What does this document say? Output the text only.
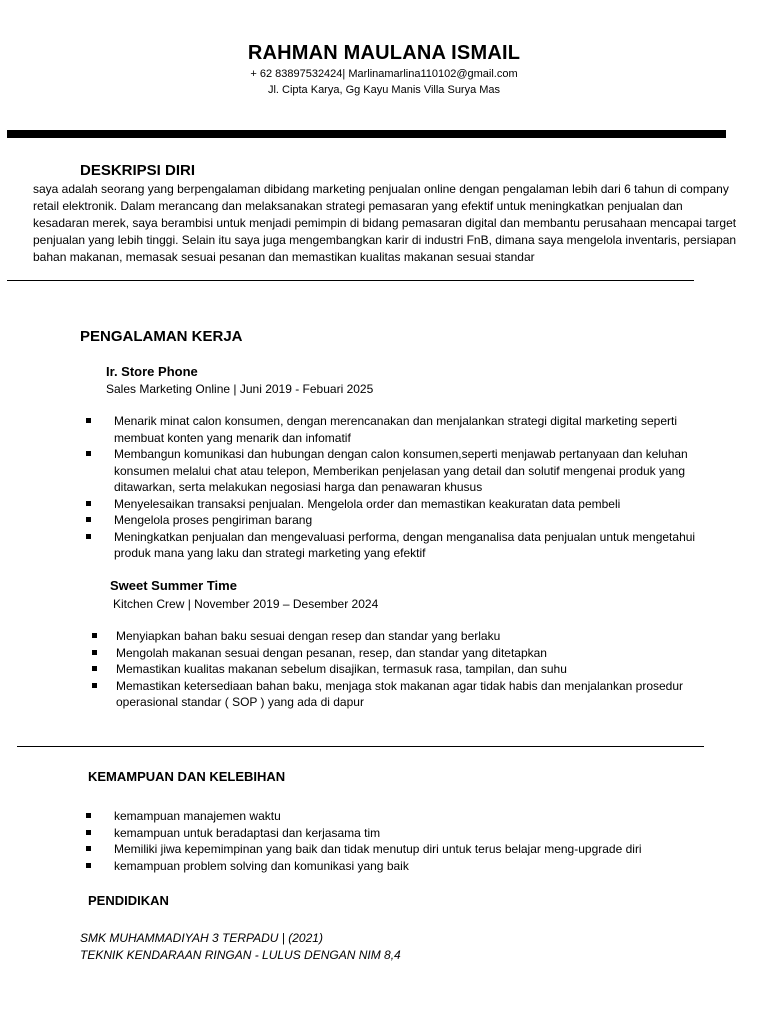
RAHMAN MAULANA ISMAIL
+ 62 83897532424| Marlinamarlina110102@gmail.com
Jl. Cipta Karya, Gg Kayu Manis Villa Surya Mas
DESKRIPSI DIRI
saya adalah seorang yang berpengalaman dibidang marketing penjualan online dengan pengalaman lebih dari 6 tahun di company retail elektronik. Dalam merancang dan melaksanakan strategi pemasaran yang efektif untuk meningkatkan penjualan dan kesadaran merek, saya berambisi untuk menjadi pemimpin di bidang pemasaran digital dan membantu perusahaan mencapai target penjualan yang lebih tinggi. Selain itu saya juga mengembangkan karir di industri FnB, dimana saya mengelola inventaris, persiapan bahan makanan, memasak sesuai pesanan dan memastikan kualitas makanan sesuai standar
PENGALAMAN KERJA
Ir. Store Phone
Sales Marketing Online | Juni 2019 - Febuari 2025
Menarik minat calon konsumen, dengan merencanakan dan menjalankan strategi digital marketing seperti membuat konten yang menarik dan infomatif
Membangun komunikasi dan hubungan dengan calon konsumen,seperti menjawab pertanyaan dan keluhan konsumen melalui chat atau telepon, Memberikan penjelasan yang detail dan solutif mengenai produk yang ditawarkan, serta melakukan negosiasi harga dan penawaran khusus
Menyelesaikan transaksi penjualan. Mengelola order dan memastikan keakuratan data pembeli
Mengelola proses pengiriman barang
Meningkatkan penjualan dan mengevaluasi performa, dengan menganalisa data penjualan untuk mengetahui produk mana yang laku dan strategi marketing yang efektif
Sweet Summer Time
Kitchen Crew | November 2019 – Desember 2024
Menyiapkan bahan baku sesuai dengan resep dan standar yang berlaku
Mengolah makanan sesuai dengan pesanan, resep, dan standar yang ditetapkan
Memastikan kualitas makanan sebelum disajikan, termasuk rasa, tampilan, dan suhu
Memastikan ketersediaan bahan baku, menjaga stok makanan agar tidak habis dan menjalankan prosedur operasional standar ( SOP ) yang ada di dapur
KEMAMPUAN DAN KELEBIHAN
kemampuan manajemen waktu
kemampuan untuk beradaptasi dan kerjasama tim
Memiliki jiwa kepemimpinan yang baik dan tidak menutup diri untuk terus belajar meng-upgrade diri
kemampuan problem solving dan komunikasi yang baik
PENDIDIKAN
SMK MUHAMMADIYAH 3 TERPADU | (2021)
TEKNIK KENDARAAN RINGAN - LULUS DENGAN NIM 8,4
